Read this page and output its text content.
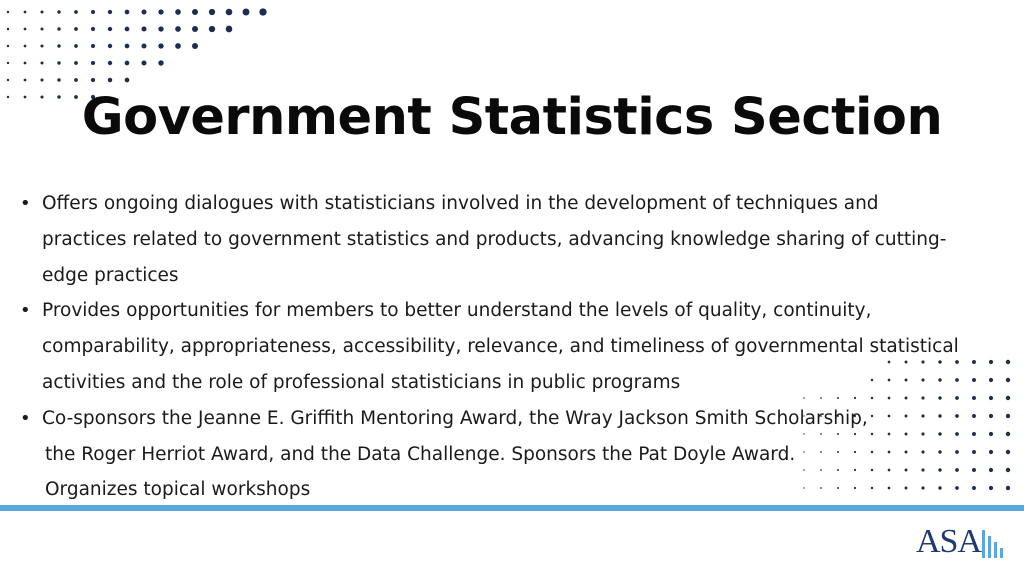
Government Statistics Section
• Offers ongoing dialogues with statisticians involved in the development of techniques and
practices related to government statistics and products, advancing knowledge sharing of cutting-
edge practices
• Provides opportunities for members to better understand the levels of quality, continuity,
comparability, appropriateness, accessibility, relevance, and timeliness of governmental statistical
activities and the role of professional statisticians in public programs
• Co-sponsors the Jeanne E. Griffith Mentoring Award, the Wray Jackson Smith Scholarship,

the Roger Herriot Award, and the Data Challenge. Sponsors the Pat Doyle Award.
Organizes topical workshops
ASA
